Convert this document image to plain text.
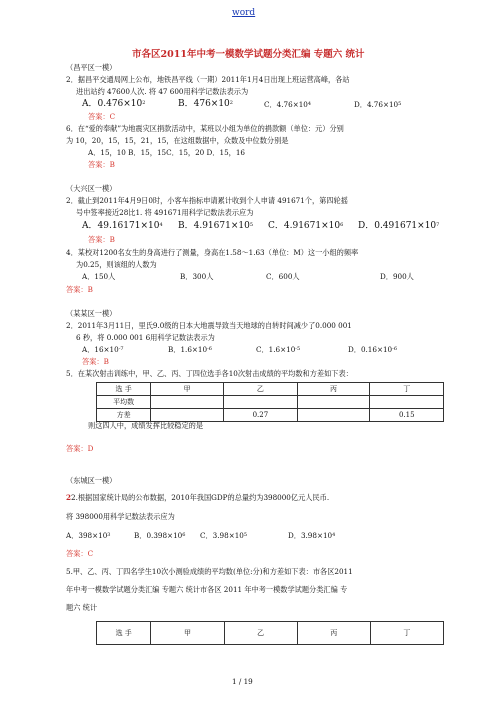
word
市各区2011年中考一模数学试题分类汇编 专题六 统计
（昌平区一模）
2．据昌平交通局网上公布，地铁昌平线（一期）2011年1月4日出现上班运营高峰，各站
进出站约 47600人次. 将 47 600用科学记数法表示为
A．$0.476\times 10^2$	B．$476\times 10^2$	C．$4.76\times 10^4$	D．$4.76\times 10^5$
答案：C
6．在“爱的奉献”为地震灾区捐款活动中，某班以小组为单位的捐款额（单位：元）分别
为 10，20，15，15，21，15，在这组数据中，众数及中位数分别是
A．15，10 B．15，15C．15，20 D．15，16
答案：B
（大兴区一模）
2．截止到2011年4月9日0时，小客车指标申请累计收到个人申请 491671个，第四轮摇
号中签率接近28比1. 将 491671用科学记数法表示应为
A．$49.16171\times 10^4$ B．$4.91671\times 10^5$ C．$4.91671\times 10^6$ D．$0.491671\times 10^7$
答案：B
4．某校对1200名女生的身高进行了测量，身高在1.58～1.63（单位：M）这一小组的频率
为0.25，则该组的人数为
A．150人	B．300人	C．600人	D．900人
答案：B
（某某区一模）
2．2011年3月11日，里氏9.0级的日本大地震导致当天地球的自转时间减少了0.000 001
6 秒，将 0.000 001 6用科学记数法表示为
A．$16\times 10^{-7}$	B．$1.6\times 10^{-6}$	C．$1.6\times 10^{-5}$	D．$0.16\times 10^{-6}$
答案：B
5．在某次射击训练中，甲、乙、丙、丁四位选手各10次射击成绩的平均数和方差如下表：
选 手	甲	乙	丙	丁
平均数				
方差		0.27		0.15
则这四人中，成绩发挥比较稳定的是
答案：D
（东城区一模）
22.根据国家统计局的公布数据，2010年我国GDP的总量约为398000亿元人民币.
将 398000用科学记数法表示应为
A．$398\times 10^3$	B．$0.398\times 10^6$ C．$3.98\times 10^5$	D．$3.98\times 10^4$
答案：C
5.甲、乙、丙、丁四名学生10次小测验成绩的平均数(单位:分)和方差如下表：市各区2011
年中考一模数学试题分类汇编 专题六 统计市各区 2011 年中考一模数学试题分类汇编 专
题六 统计
选 手	甲	乙	丙	丁
1 / 19
